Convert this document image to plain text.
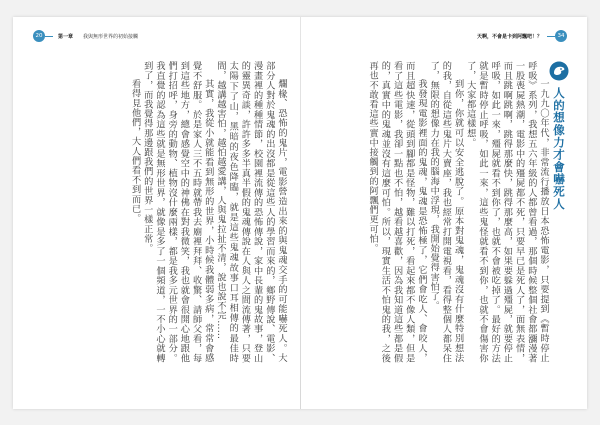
20	第一章 我與無形世界的初始接觸	天啊，不會是卡到阿飄吧！？	34
人的想像力才會嚇死人

一九九〇年代，非常流行播放日本恐怖電影，只要提到《暫時停止呼吸》系列，我想五六年級的人都曾看過，那個時候整個社會都瀰漫著一股喪屍熱潮，電影中的殭屍都不死，只要早已是死人了，面無表情，而且跳啊跳啊，跳得那麼快，跳得那麼高，如果要躲過殭屍，就要停止呼吸，如此一來，殭屍就看不到你了，也就不會被吃掉了。最好的方法就是暫時停止呼吸，如此一來，這些鬼怪就看不到你，也就不會傷害你了，大家都這樣想。

到你，你就可以安全逃脫了。原本對鬼魂，鬼魂沒有什麼特別想法的我，自從這些鬼片大賣座，我也經常打開電視看，看得整個人都呆住了，無限的想像力在我的腦海中浮現，我開始覺得害怕了。

我發現電影裡面的鬼魂，鬼魂是恐怖極了，它們會吃人、會咬人，而且超快速，從頭到腳都是怪物，難以打死，看起來都不像人類，但是看了這些電影，我卻一點也不怕，越看越喜歡，因為我知道這些都是假的，真實中的鬼魂並沒有這麼可怕。所以，現實生活不怕鬼的我，之後再也不敢看這些實中接觸到的阿飄們更可怕。

爛椽、恐怖的鬼片，電影營造出來的與鬼魂交手的可能嚇死人。大部分人對於鬼魂的出沒都是從這些人的學習而來的，鄉野傳說、電影、漫畫裡的種種情節，校園裡流傳的恐怖傳說，家中長輩的鬼故事，登山的靈異奇談，許許多多半真半假的鬼魂傳說在人與人之間流傳著，只要太陽下了山，黑暗的夜色降臨，就是這些鬼魂故事口耳相傳的最佳時間，越講越害怕，越怕越愛講，人與鬼拉扯不清，說也說不完……

其實，我從小就能看到無形的世界，小時候我體弱多病，常常會感覺不舒服。於是家人三不五時就帶我去廟裡拜拜、收驚、請師父看，每到這些地方，總會感覺空中的神佛在對我微笑，我也就會很開心地跟他們打招呼，身旁的動物、植物沒什麼兩樣，都是我多元世界的一部分。我直覺的認為這些就是無形世界，就像是多了一個頻道，一不小心就轉到了，而我覺得那邊跟我們的世界一樣正常。

看得見他們，大人們看不到而已。
